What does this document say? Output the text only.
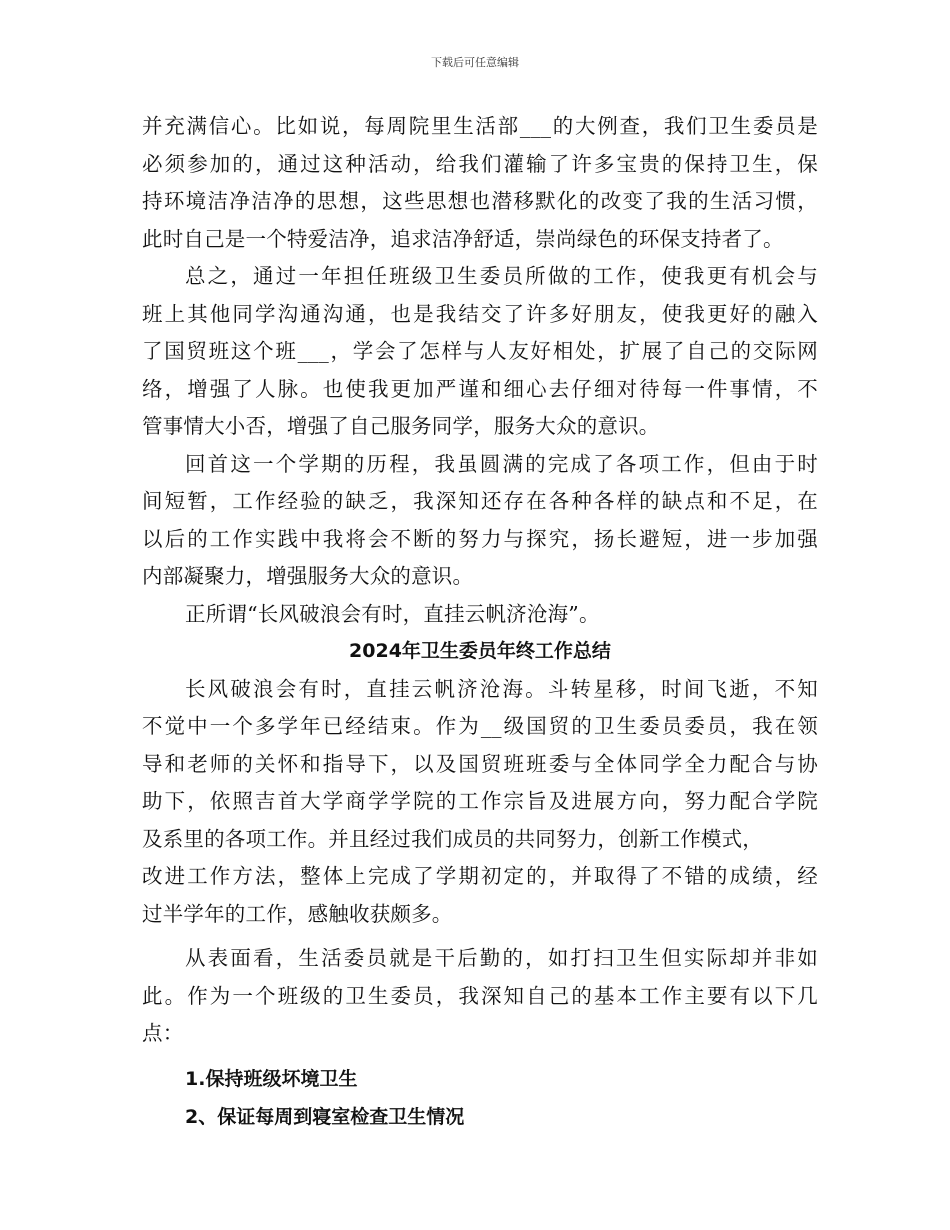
下载后可任意编辑
并充满信心。比如说，每周院里生活部___的大例查，我们卫生委员是
必须参加的，通过这种活动，给我们灌输了许多宝贵的保持卫生，保
持环境洁净洁净的思想，这些思想也潜移默化的改变了我的生活习惯，
此时自己是一个特爱洁净，追求洁净舒适，崇尚绿色的环保支持者了。
总之，通过一年担任班级卫生委员所做的工作，使我更有机会与
班上其他同学沟通沟通，也是我结交了许多好朋友，使我更好的融入
了国贸班这个班___，学会了怎样与人友好相处，扩展了自己的交际网
络，增强了人脉。也使我更加严谨和细心去仔细对待每一件事情，不
管事情大小否，增强了自己服务同学，服务大众的意识。
回首这一个学期的历程，我虽圆满的完成了各项工作，但由于时
间短暂，工作经验的缺乏，我深知还存在各种各样的缺点和不足，在
以后的工作实践中我将会不断的努力与探究，扬长避短，进一步加强
内部凝聚力，增强服务大众的意识。
正所谓“长风破浪会有时，直挂云帆济沧海”。
2024年卫生委员年终工作总结
长风破浪会有时，直挂云帆济沧海。斗转星移，时间飞逝，不知
不觉中一个多学年已经结束。作为__级国贸的卫生委员委员，我在领
导和老师的关怀和指导下，以及国贸班班委与全体同学全力配合与协
助下，依照吉首大学商学学院的工作宗旨及进展方向，努力配合学院
及系里的各项工作。并且经过我们成员的共同努力，创新工作模式，
改进工作方法，整体上完成了学期初定的，并取得了不错的成绩，经
过半学年的工作，感触收获颇多。
从表面看，生活委员就是干后勤的，如打扫卫生但实际却并非如
此。作为一个班级的卫生委员，我深知自己的基本工作主要有以下几
点：
1.保持班级坏境卫生
2、保证每周到寝室检查卫生情况
